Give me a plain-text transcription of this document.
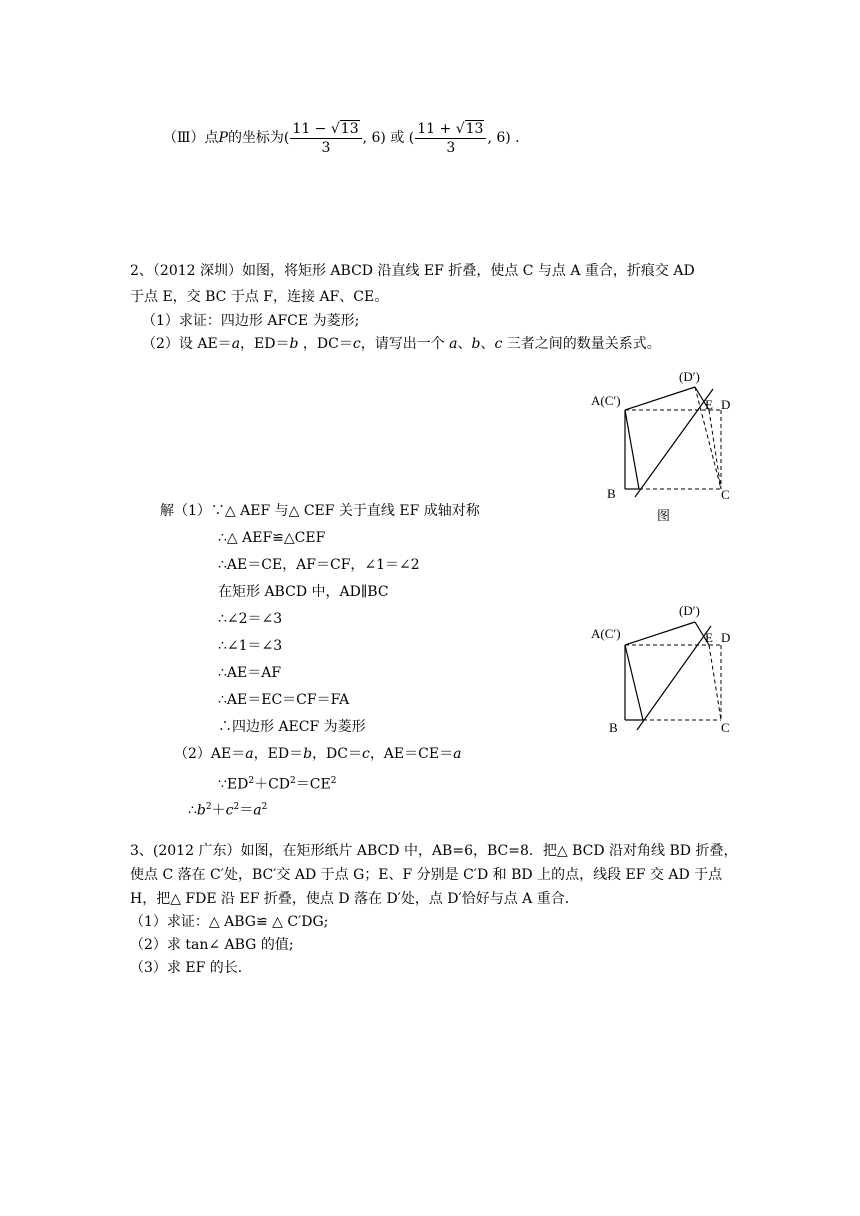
（Ⅲ）点P的坐标为( $\frac{11 - √13}{3}$ , 6) 或 ( $\frac{11 + √13}{3}$ , 6) .
2、（2012 深圳）如图，将矩形 ABCD 沿直线 EF 折叠，使点 C 与点 A 重合，折痕交 AD
于点 E，交 BC 于点 F，连接 AF、CE。
（1）求证：四边形 AFCE 为菱形;
（2）设 AE＝a，ED＝b ，DC＝c，请写出一个 a、b、c 三者之间的数量关系式。
(D′)
A(C′)	E D
B	C
图
解（1）∵△ AEF 与△ CEF 关于直线 EF 成轴对称
∴△ AEF≌△CEF
∴AE＝CE，AF＝CF，∠1＝∠2
在矩形 ABCD 中，AD∥BC
∴∠2＝∠3
∴∠1＝∠3
∴AE＝AF
∴AE＝EC＝CF＝FA
∴四边形 AECF 为菱形
（2）AE＝a，ED＝b，DC＝c，AE＝CE＝a
$\because ED^2+CD^2=CE^2$
$\therefore b^2+c^2=a^2$
(D′)
A(C′)	E D
B	C
3、(2012 广东）如图，在矩形纸片 ABCD 中，AB=6，BC=8．把△ BCD 沿对角线 BD 折叠，
使点 C 落在 C′处，BC′交 AD 于点 G；E、F 分别是 C′D 和 BD 上的点，线段 EF 交 AD 于点
H，把△ FDE 沿 EF 折叠，使点 D 落在 D′处，点 D′恰好与点 A 重合．
（1）求证：△ ABG≌ △ C′DG;
（2）求 tan∠ ABG 的值;
（3）求 EF 的长．
